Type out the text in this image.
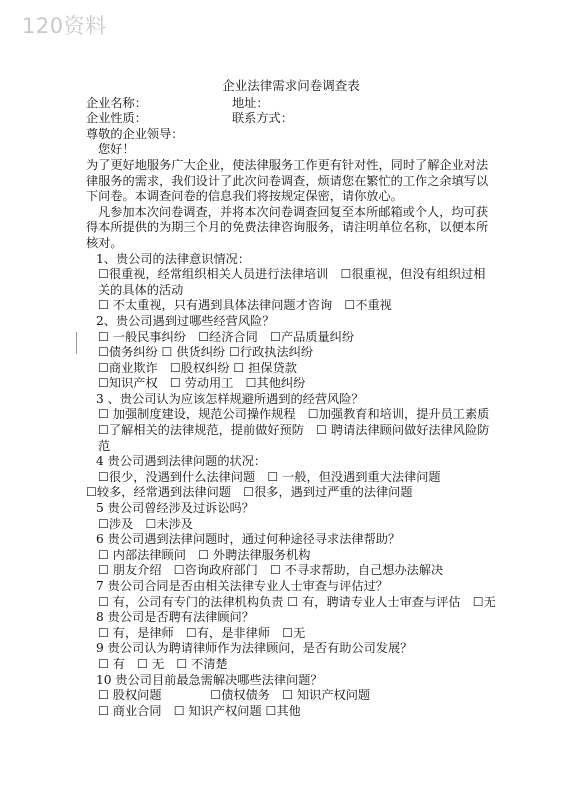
120资料
企业法律需求问卷调查表
企业名称：	地址：
企业性质：	联系方式：

尊敬的企业领导：

您好！

为了更好地服务广大企业，使法律服务工作更有针对性，同时了解企业对法律服务的需求，我们设计了此次问卷调查，烦请您在繁忙的工作之余填写以下问卷。本调查问卷的信息我们将按规定保密，请你放心。

凡参加本次问卷调查，并将本次问卷调查回复至本所邮箱或个人，均可获得本所提供的为期三个月的免费法律咨询服务，请注明单位名称，以便本所核对。

1、贵公司的法律意识情况：

☐很重视，经常组织相关人员进行法律培训　☐很重视，但没有组织过相关的具体的活动

☐ 不太重视，只有遇到具体法律问题才咨询　☐不重视

2、贵公司遇到过哪些经营风险？

☐ 一般民事纠纷　☐经济合同　☐产品质量纠纷

☐债务纠纷 ☐ 供货纠纷 ☐行政执法纠纷

☐商业欺诈　☐股权纠纷 ☐ 担保贷款

☐知识产权　☐ 劳动用工　☐其他纠纷

3 、贵公司认为应该怎样规避所遇到的经营风险？

☐ 加强制度建设，规范公司操作规程　☐加强教育和培训，提升员工素质

☐了解相关的法律规范，提前做好预防　☐ 聘请法律顾问做好法律风险防范

4 贵公司遇到法律问题的状况：

☐很少，没遇到什么法律问题　☐ 一般，但没遇到重大法律问题

☐较多，经常遇到法律问题　☐很多，遇到过严重的法律问题

5 贵公司曾经涉及过诉讼吗？

☐涉及　☐未涉及

6 贵公司遇到法律问题时，通过何种途径寻求法律帮助？

☐ 内部法律顾问　☐ 外聘法律服务机构

☐ 朋友介绍　☐咨询政府部门　☐ 不寻求帮助，自己想办法解决

7 贵公司合同是否由相关法律专业人士审查与评估过？

☐ 有，公司有专门的法律机构负责 ☐ 有，聘请专业人士审查与评估　☐无

8 贵公司是否聘有法律顾问？

☐ 有，是律师　☐有，是非律师　☐无

9 贵公司认为聘请律师作为法律顾问，是否有助公司发展？

☐ 有　☐ 无　☐ 不清楚

10 贵公司目前最急需解决哪些法律问题？

☐ 股权问题　　　　☐债权债务　☐ 知识产权问题

☐ 商业合同　☐ 知识产权问题 ☐其他
